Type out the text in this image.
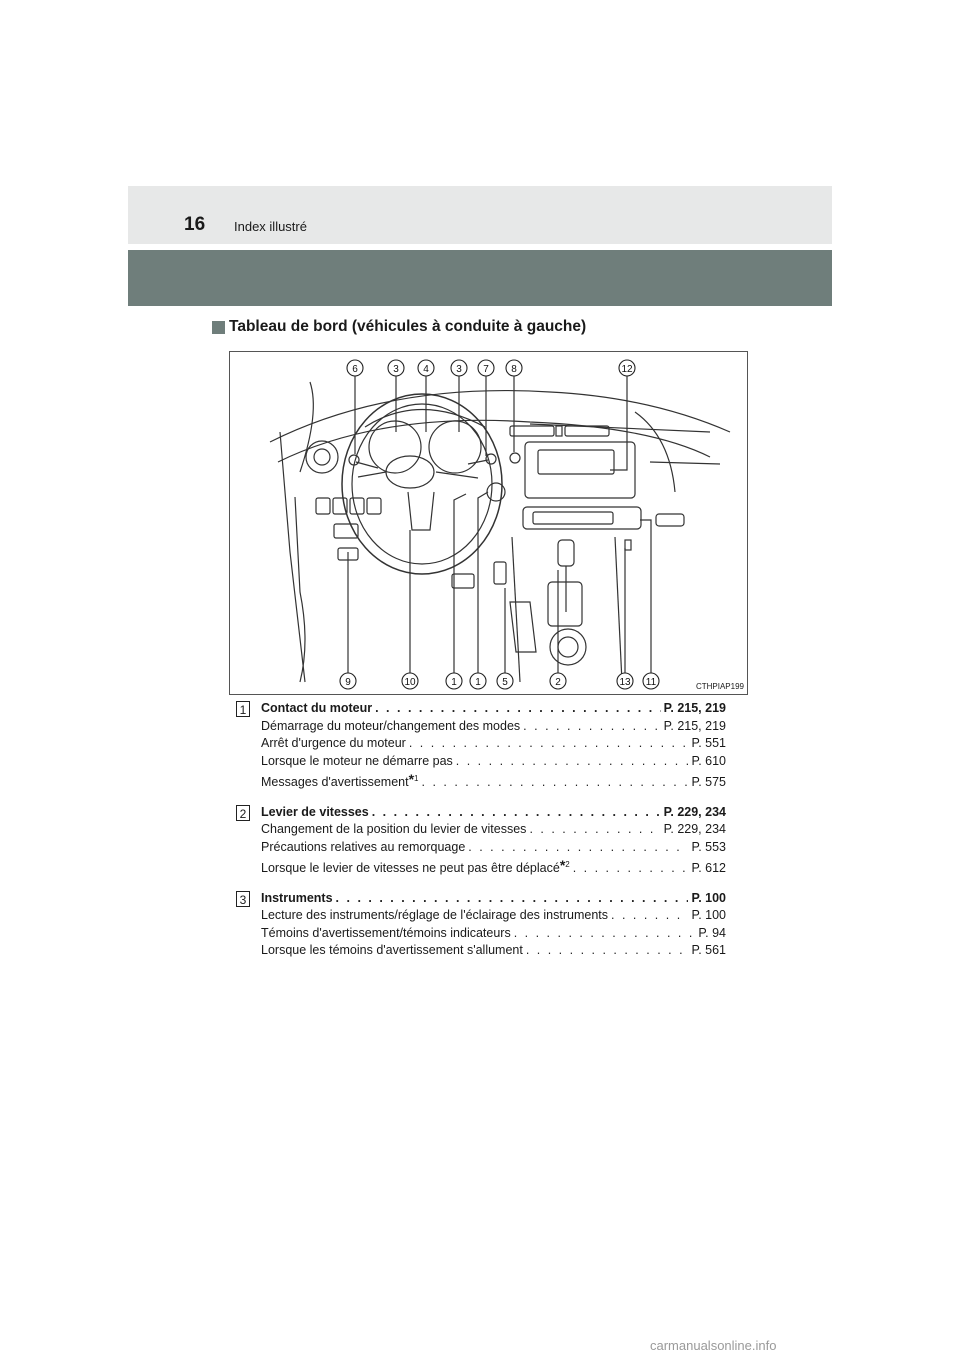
16 Index illustré
Tableau de bord (véhicules à conduite à gauche)
6	3 4	3 7 8	12
9	10	1 1 5	2	13 11	CTHPIAP199
1 Contact du moteur . . .	P. 215, 219
Démarrage du moteur/changement des modes . . .	P. 215, 219
Arrêt d'urgence du moteur . . .	P. 551
Lorsque le moteur ne démarre pas . . .	P. 610
Messages d'avertissement*$^1$ . . .	P. 575
2 Levier de vitesses . . .	P. 229, 234
Changement de la position du levier de vitesses . . .	P. 229, 234
Précautions relatives au remorquage . . .	P. 553
Lorsque le levier de vitesses ne peut pas être déplacé*$^2$ . . .	P. 612
3 Instruments . . .	P. 100
Lecture des instruments/réglage de l'éclairage des instruments . . .	P. 100
Témoins d'avertissement/témoins indicateurs . . .	P. 94
Lorsque les témoins d'avertissement s'allument . . .	P. 561
carmanualsonline.info
